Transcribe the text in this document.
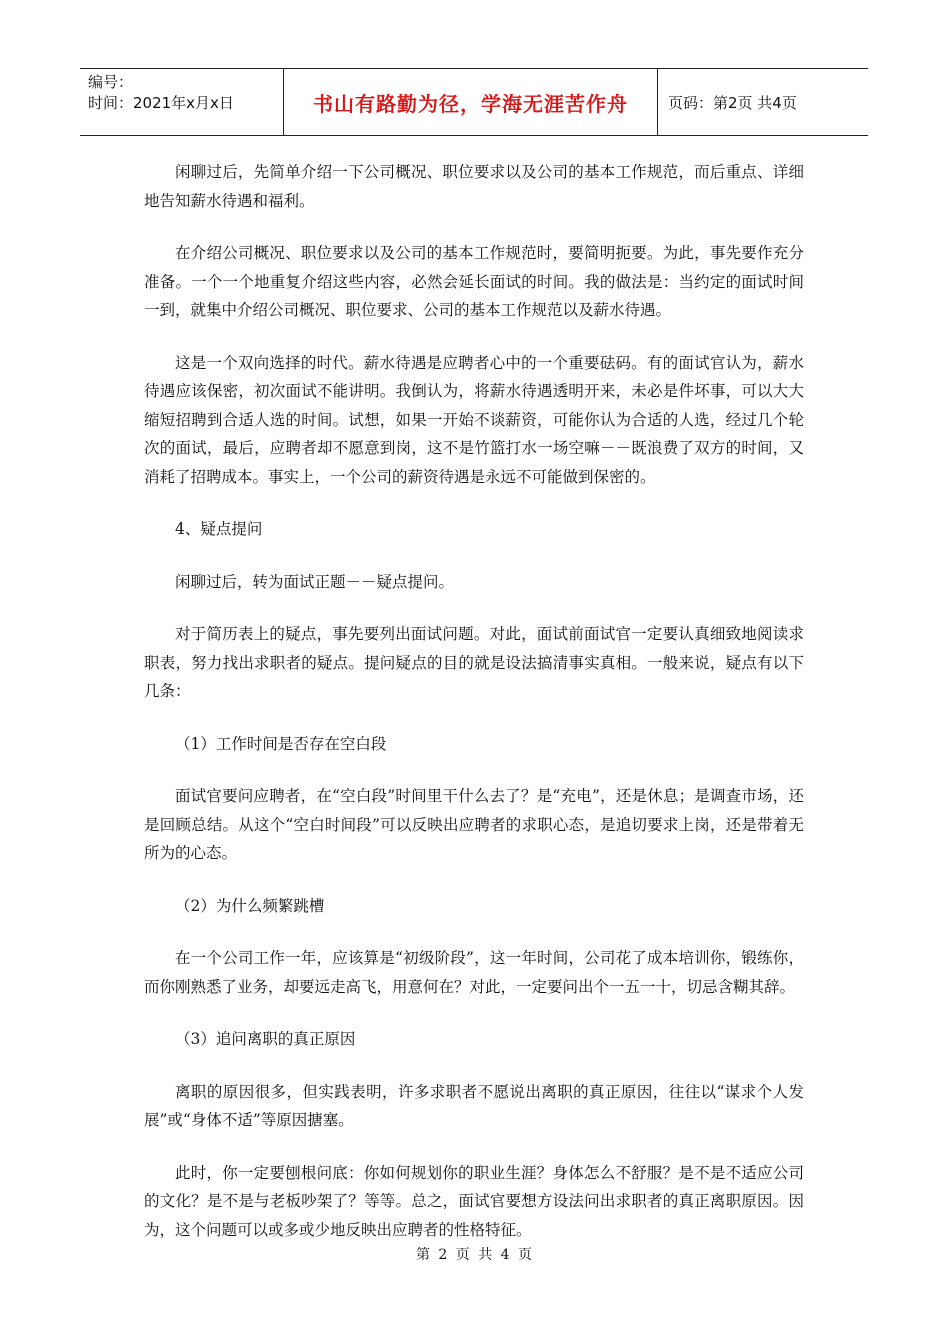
编号：
时间：2021年x月x日	书山有路勤为径，学海无涯苦作舟	页码：第2页 共4页

闲聊过后，先简单介绍一下公司概况、职位要求以及公司的基本工作规范，而后重点、详细地告知薪水待遇和福利。

在介绍公司概况、职位要求以及公司的基本工作规范时，要简明扼要。为此，事先要作充分准备。一个一个地重复介绍这些内容，必然会延长面试的时间。我的做法是：当约定的面试时间一到，就集中介绍公司概况、职位要求、公司的基本工作规范以及薪水待遇。

这是一个双向选择的时代。薪水待遇是应聘者心中的一个重要砝码。有的面试官认为，薪水待遇应该保密，初次面试不能讲明。我倒认为，将薪水待遇透明开来，未必是件坏事，可以大大缩短招聘到合适人选的时间。试想，如果一开始不谈薪资，可能你认为合适的人选，经过几个轮次的面试，最后，应聘者却不愿意到岗，这不是竹篮打水一场空嘛－－既浪费了双方的时间，又消耗了招聘成本。事实上，一个公司的薪资待遇是永远不可能做到保密的。

4、疑点提问

闲聊过后，转为面试正题－－疑点提问。

对于简历表上的疑点，事先要列出面试问题。对此，面试前面试官一定要认真细致地阅读求职表，努力找出求职者的疑点。提问疑点的目的就是设法搞清事实真相。一般来说，疑点有以下几条：

（1）工作时间是否存在空白段

面试官要问应聘者，在“空白段”时间里干什么去了？是“充电”，还是休息；是调查市场，还是回顾总结。从这个“空白时间段”可以反映出应聘者的求职心态，是追切要求上岗，还是带着无所为的心态。

（2）为什么频繁跳槽

在一个公司工作一年，应该算是“初级阶段”，这一年时间，公司花了成本培训你，锻练你，而你刚熟悉了业务，却要远走高飞，用意何在？对此，一定要问出个一五一十，切忌含糊其辞。

（3）追问离职的真正原因

离职的原因很多，但实践表明，许多求职者不愿说出离职的真正原因，往往以“谋求个人发展”或“身体不适”等原因搪塞。

此时，你一定要刨根问底：你如何规划你的职业生涯？身体怎么不舒服？是不是不适应公司的文化？是不是与老板吵架了？等等。总之，面试官要想方设法问出求职者的真正离职原因。因为，这个问题可以或多或少地反映出应聘者的性格特征。

第 2 页 共 4 页
